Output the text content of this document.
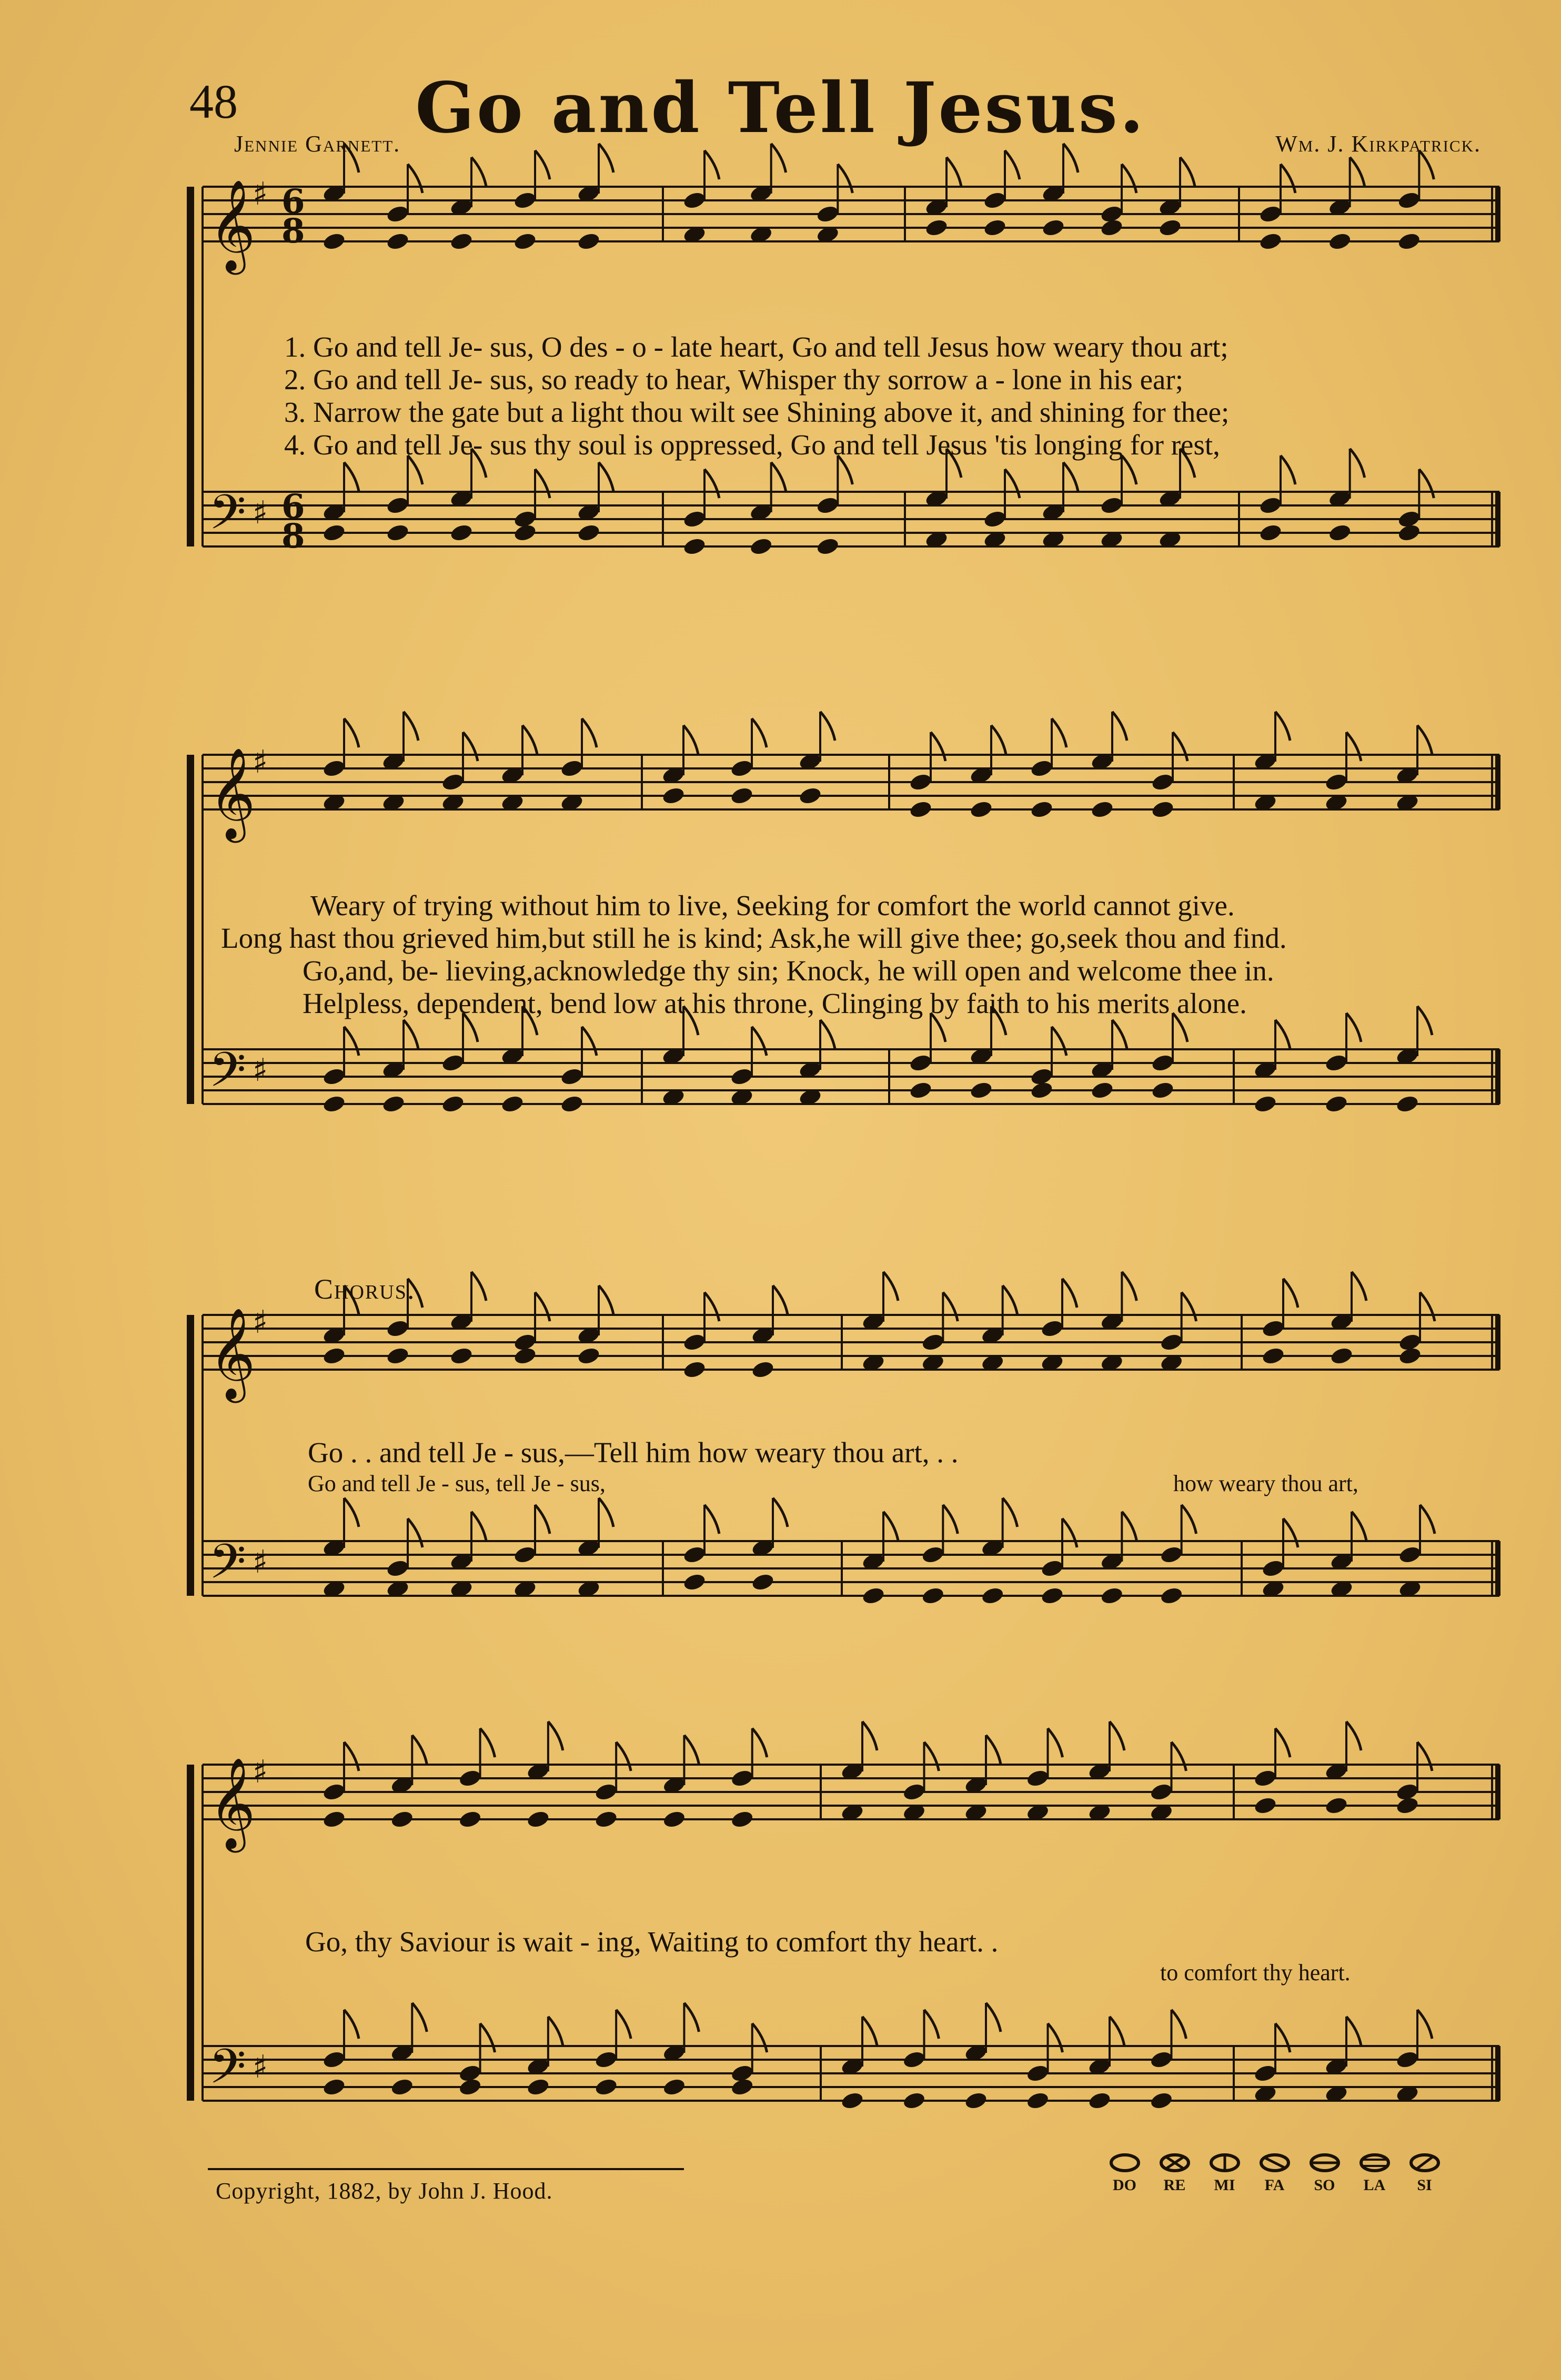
48	Go and Tell Jesus.
Jennie Garnett.	Wm. J. Kirkpatrick.
𝄞
𝄢
♯
♯
𝄞
𝄢
♯
♯
𝄞
𝄢
♯
♯
𝄞
𝄢
♯
♯
6
8
6
8
1. Go and tell Je- sus, O des - o - late heart, Go and tell Jesus how weary thou art;
2. Go and tell Je- sus, so ready to hear, Whisper thy sorrow a - lone in his ear;
3. Narrow the gate but a light thou wilt see Shining above it, and shining for thee;
4. Go and tell Je- sus thy soul is oppressed, Go and tell Jesus 'tis longing for rest,
Weary of trying without him to live, Seeking for comfort the world cannot give.
Long hast thou grieved him,but still he is kind; Ask,he will give thee; go,seek thou and find.
Go,and, be- lieving,acknowledge thy sin; Knock, he will open and welcome thee in.
Helpless, dependent, bend low at his throne, Clinging by faith to his merits alone.
Chorus.
Go . . and tell Je - sus,—Tell him how weary thou art, . .
Go and tell Je - sus, tell Je - sus,	how weary thou art,
Go, thy Saviour is wait - ing, Waiting to comfort thy heart. .
to comfort thy heart.
Copyright, 1882, by John J. Hood.	DO	RE	MI	FA	SO	LA	SI
